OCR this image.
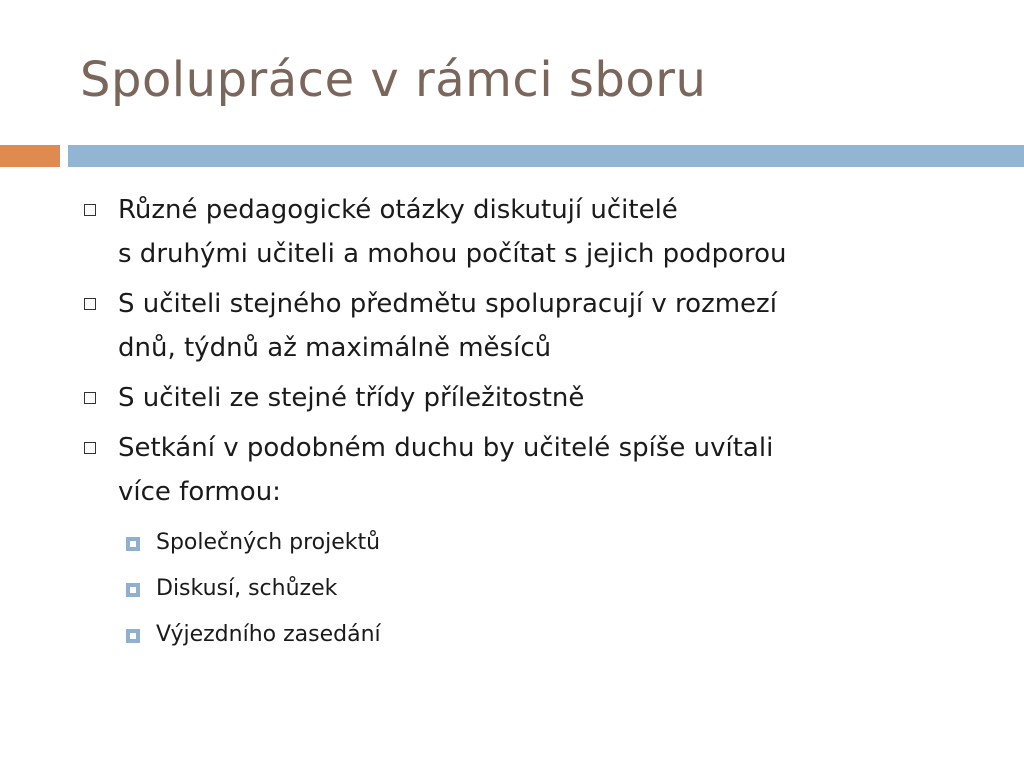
Spolupráce v rámci sboru
Různé pedagogické otázky diskutují učitelé
s druhými učiteli a mohou počítat s jejich podporou
S učiteli stejného předmětu spolupracují v rozmezí
dnů, týdnů až maximálně měsíců
S učiteli ze stejné třídy příležitostně
Setkání v podobném duchu by učitelé spíše uvítali
více formou:
Společných projektů
Diskusí, schůzek
Výjezdního zasedání
